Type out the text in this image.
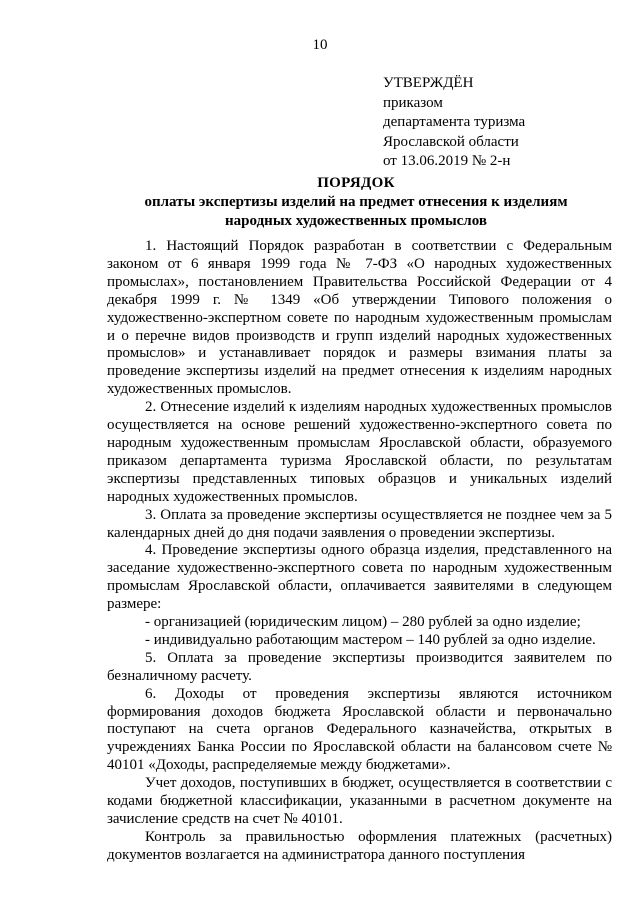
10
УТВЕРЖДЁН
приказом
департамента туризма
Ярославской области
от 13.06.2019 № 2-н
ПОРЯДОК
оплаты экспертизы изделий на предмет отнесения к изделиям
народных художественных промыслов

1. Настоящий Порядок разработан в соответствии с Федеральным законом от 6 января 1999 года № 7-ФЗ «О народных художественных промыслах», постановлением Правительства Российской Федерации от 4 декабря 1999 г. № 1349 «Об утверждении Типового положения о художественно-экспертном совете по народным художественным промыслам и о перечне видов производств и групп изделий народных художественных промыслов» и устанавливает порядок и размеры взимания платы за проведение экспертизы изделий на предмет отнесения к изделиям народных художественных промыслов.

2. Отнесение изделий к изделиям народных художественных промыслов осуществляется на основе решений художественно-экспертного совета по народным художественным промыслам Ярославской области, образуемого приказом департамента туризма Ярославской области, по результатам экспертизы представленных типовых образцов и уникальных изделий народных художественных промыслов.

3. Оплата за проведение экспертизы осуществляется не позднее чем за 5 календарных дней до дня подачи заявления о проведении экспертизы.

4. Проведение экспертизы одного образца изделия, представленного на заседание художественно-экспертного совета по народным художественным промыслам Ярославской области, оплачивается заявителями в следующем размере:

- организацией (юридическим лицом) – 280 рублей за одно изделие;

- индивидуально работающим мастером – 140 рублей за одно изделие.

5. Оплата за проведение экспертизы производится заявителем по безналичному расчету.

6. Доходы от проведения экспертизы являются источником формирования доходов бюджета Ярославской области и первоначально поступают на счета органов Федерального казначейства, открытых в учреждениях Банка России по Ярославской области на балансовом счете № 40101 «Доходы, распределяемые между бюджетами».

Учет доходов, поступивших в бюджет, осуществляется в соответствии с кодами бюджетной классификации, указанными в расчетном документе на зачисление средств на счет № 40101.

Контроль за правильностью оформления платежных (расчетных) документов возлагается на администратора данного поступления
